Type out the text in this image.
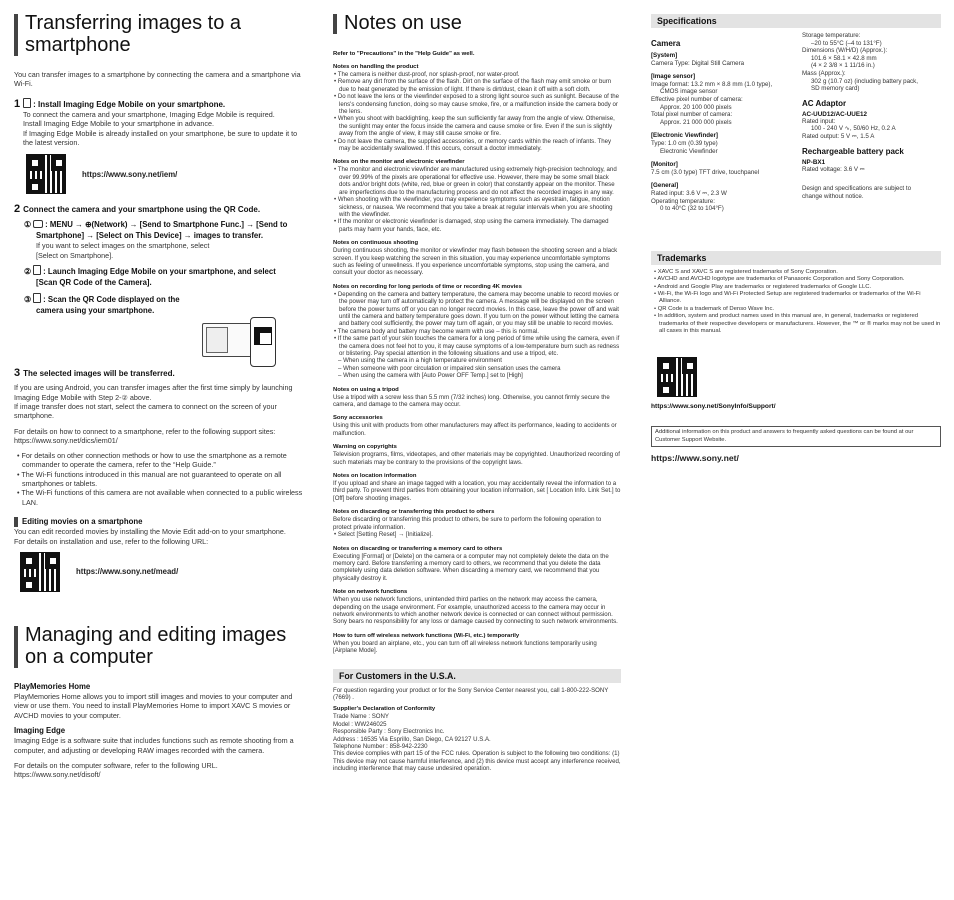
Transferring images to a smartphone
You can transfer images to a smartphone by connecting the camera and a smartphone via Wi-Fi.
1 : Install Imaging Edge Mobile on your smartphone.
To connect the camera and your smartphone, Imaging Edge Mobile is required.
Install Imaging Edge Mobile to your smartphone in advance.
If Imaging Edge Mobile is already installed on your smartphone, be sure to update it to the latest version.
https://www.sony.net/iem/
2 Connect the camera and your smartphone using the QR Code.
① : MENU → ⊕(Network) → [Send to Smartphone Func.] → [Send to Smartphone] → [Select on This Device] → images to transfer.
If you want to select images on the smartphone, select
[Select on Smartphone].
② : Launch Imaging Edge Mobile on your smartphone, and select [Scan QR Code of the Camera].
③ : Scan the QR Code displayed on the camera using your smartphone.
3 The selected images will be transferred.
If you are using Android, you can transfer images after the first time simply by launching Imaging Edge Mobile with Step 2-② above.
If image transfer does not start, select the camera to connect on the screen of your smartphone.
For details on how to connect to a smartphone, refer to the following support sites:
https://www.sony.net/dics/iem01/
• For details on other connection methods or how to use the smartphone as a remote commander to operate the camera, refer to the “Help Guide.”
• The Wi-Fi functions introduced in this manual are not guaranteed to operate on all smartphones or tablets.
• The Wi-Fi functions of this camera are not available when connected to a public wireless LAN.
Editing movies on a smartphone
You can edit recorded movies by installing the Movie Edit add-on to your smartphone.
For details on installation and use, refer to the following URL:
https://www.sony.net/mead/
Managing and editing images on a computer
PlayMemories Home
PlayMemories Home allows you to import still images and movies to your computer and view or use them. You need to install PlayMemories Home to import XAVC S movies or AVCHD movies to your computer.
Imaging Edge
Imaging Edge is a software suite that includes functions such as remote shooting from a computer, and adjusting or developing RAW images recorded with the camera.
For details on the computer software, refer to the following URL.
https://www.sony.net/disoft/
Notes on use
Refer to "Precautions" in the "Help Guide" as well.
Notes on handling the product
• The camera is neither dust-proof, nor splash-proof, nor water-proof.
• Remove any dirt from the surface of the flash. Dirt on the surface of the flash may emit smoke or burn due to heat generated by the emission of light. If there is dirt/dust, clean it off with a soft cloth.
• Do not leave the lens or the viewfinder exposed to a strong light source such as sunlight. Because of the lens's condensing function, doing so may cause smoke, fire, or a malfunction inside the camera body or the lens.
• When you shoot with backlighting, keep the sun sufficiently far away from the angle of view. Otherwise, the sunlight may enter the focus inside the camera and cause smoke or fire. Even if the sun is slightly away from the angle of view, it may still cause smoke or fire.
• Do not leave the camera, the supplied accessories, or memory cards within the reach of infants. They may be accidentally swallowed. If this occurs, consult a doctor immediately.
Notes on the monitor and electronic viewfinder
• The monitor and electronic viewfinder are manufactured using extremely high-precision technology, and over 99.99% of the pixels are operational for effective use. However, there may be some small black dots and/or bright dots (white, red, blue or green in color) that constantly appear on the monitor. These are imperfections due to the manufacturing process and do not affect the recorded images in any way.
• When shooting with the viewfinder, you may experience symptoms such as eyestrain, fatigue, motion sickness, or nausea. We recommend that you take a break at regular intervals when you are shooting with the viewfinder.
• If the monitor or electronic viewfinder is damaged, stop using the camera immediately. The damaged parts may harm your hands, face, etc.
Notes on continuous shooting
During continuous shooting, the monitor or viewfinder may flash between the shooting screen and a black screen. If you keep watching the screen in this situation, you may experience uncomfortable symptoms such as feeling of unwellness. If you experience uncomfortable symptoms, stop using the camera, and consult your doctor as necessary.
Notes on recording for long periods of time or recording 4K movies
• Depending on the camera and battery temperature, the camera may become unable to record movies or the power may turn off automatically to protect the camera. A message will be displayed on the screen before the power turns off or you can no longer record movies. In this case, leave the power off and wait until the camera and battery temperature goes down. If you turn on the power without letting the camera and battery cool sufficiently, the power may turn off again, or you may still be unable to record movies.
• The camera body and battery may become warm with use – this is normal.
• If the same part of your skin touches the camera for a long period of time while using the camera, even if the camera does not feel hot to you, it may cause symptoms of a low-temperature burn such as redness or blistering. Pay special attention in the following situations and use a tripod, etc.
– When using the camera in a high temperature environment
– When someone with poor circulation or impaired skin sensation uses the camera
– When using the camera with [Auto Power OFF Temp.] set to [High]
Notes on using a tripod
Use a tripod with a screw less than 5.5 mm (7/32 inches) long. Otherwise, you cannot firmly secure the camera, and damage to the camera may occur.
Sony accessories
Using this unit with products from other manufacturers may affect its performance, leading to accidents or malfunction.
Warning on copyrights
Television programs, films, videotapes, and other materials may be copyrighted. Unauthorized recording of such materials may be contrary to the provisions of the copyright laws.
Notes on location information
If you upload and share an image tagged with a location, you may accidentally reveal the information to a third party. To prevent third parties from obtaining your location information, set [ Location Info. Link Set.] to [Off] before shooting images.
Notes on discarding or transferring this product to others
Before discarding or transferring this product to others, be sure to perform the following operation to protect private information.
• Select [Setting Reset] → [Initialize].
Notes on discarding or transferring a memory card to others
Executing [Format] or [Delete] on the camera or a computer may not completely delete the data on the memory card. Before transferring a memory card to others, we recommend that you delete the data completely using data deletion software. When discarding a memory card, we recommend that you physically destroy it.
Note on network functions
When you use network functions, unintended third parties on the network may access the camera, depending on the usage environment. For example, unauthorized access to the camera may occur in network environments to which another network device is connected or can connect without permission. Sony bears no responsibility for any loss or damage caused by connecting to such network environments.
How to turn off wireless network functions (Wi-Fi, etc.) temporarily
When you board an airplane, etc., you can turn off all wireless network functions temporarily using [Airplane Mode].
For Customers in the U.S.A.
For question regarding your product or for the Sony Service Center nearest you, call 1-800-222-SONY (7669) .
Supplier's Declaration of Conformity
Trade Name : SONY
Model : WW246025
Responsible Party : Sony Electronics Inc.
Address : 16535 Via Esprillo, San Diego, CA 92127 U.S.A.
Telephone Number : 858-942-2230
This device complies with part 15 of the FCC rules. Operation is subject to the following two conditions: (1) This device may not cause harmful interference, and (2) this device must accept any interference received, including interference that may cause undesired operation.
Specifications
Camera
[System]
Camera Type: Digital Still Camera
[Image sensor]
Image format: 13.2 mm × 8.8 mm (1.0 type),
CMOS image sensor
Effective pixel number of camera:
Approx. 20 100 000 pixels
Total pixel number of camera:
Approx. 21 000 000 pixels
[Electronic Viewfinder]
Type: 1.0 cm (0.39 type)
Electronic Viewfinder
[Monitor]
7.5 cm (3.0 type) TFT drive, touchpanel
[General]
Rated input: 3.6 V ⎓, 2.3 W
Operating temperature:
0 to 40°C (32 to 104°F)
Storage temperature:
–20 to 55°C (–4 to 131°F)
Dimensions (W/H/D) (Approx.):
101.6 × 58.1 × 42.8 mm
(4 × 2 3/8 × 1 11/16 in.)
Mass (Approx.):
302 g (10.7 oz) (including battery pack,
SD memory card)
AC Adaptor
AC-UUD12/AC-UUE12
Rated input:
100 - 240 V ∿, 50/60 Hz, 0.2 A
Rated output: 5 V ⎓, 1.5 A
Rechargeable battery pack
NP-BX1
Rated voltage: 3.6 V ⎓
Design and specifications are subject to
change without notice.
Trademarks
• XAVC S and XAVC S are registered trademarks of Sony Corporation.
• AVCHD and AVCHD logotype are trademarks of Panasonic Corporation and Sony Corporation.
• Android and Google Play are trademarks or registered trademarks of Google LLC.
• Wi-Fi, the Wi-Fi logo and Wi-Fi Protected Setup are registered trademarks or trademarks of the Wi-Fi Alliance.
• QR Code is a trademark of Denso Wave Inc.
• In addition, system and product names used in this manual are, in general, trademarks or registered trademarks of their respective developers or manufacturers. However, the ™ or ® marks may not be used in all cases in this manual.
https://www.sony.net/SonyInfo/Support/
Additional information on this product and answers to frequently asked questions can be found at our Customer Support Website.
https://www.sony.net/
